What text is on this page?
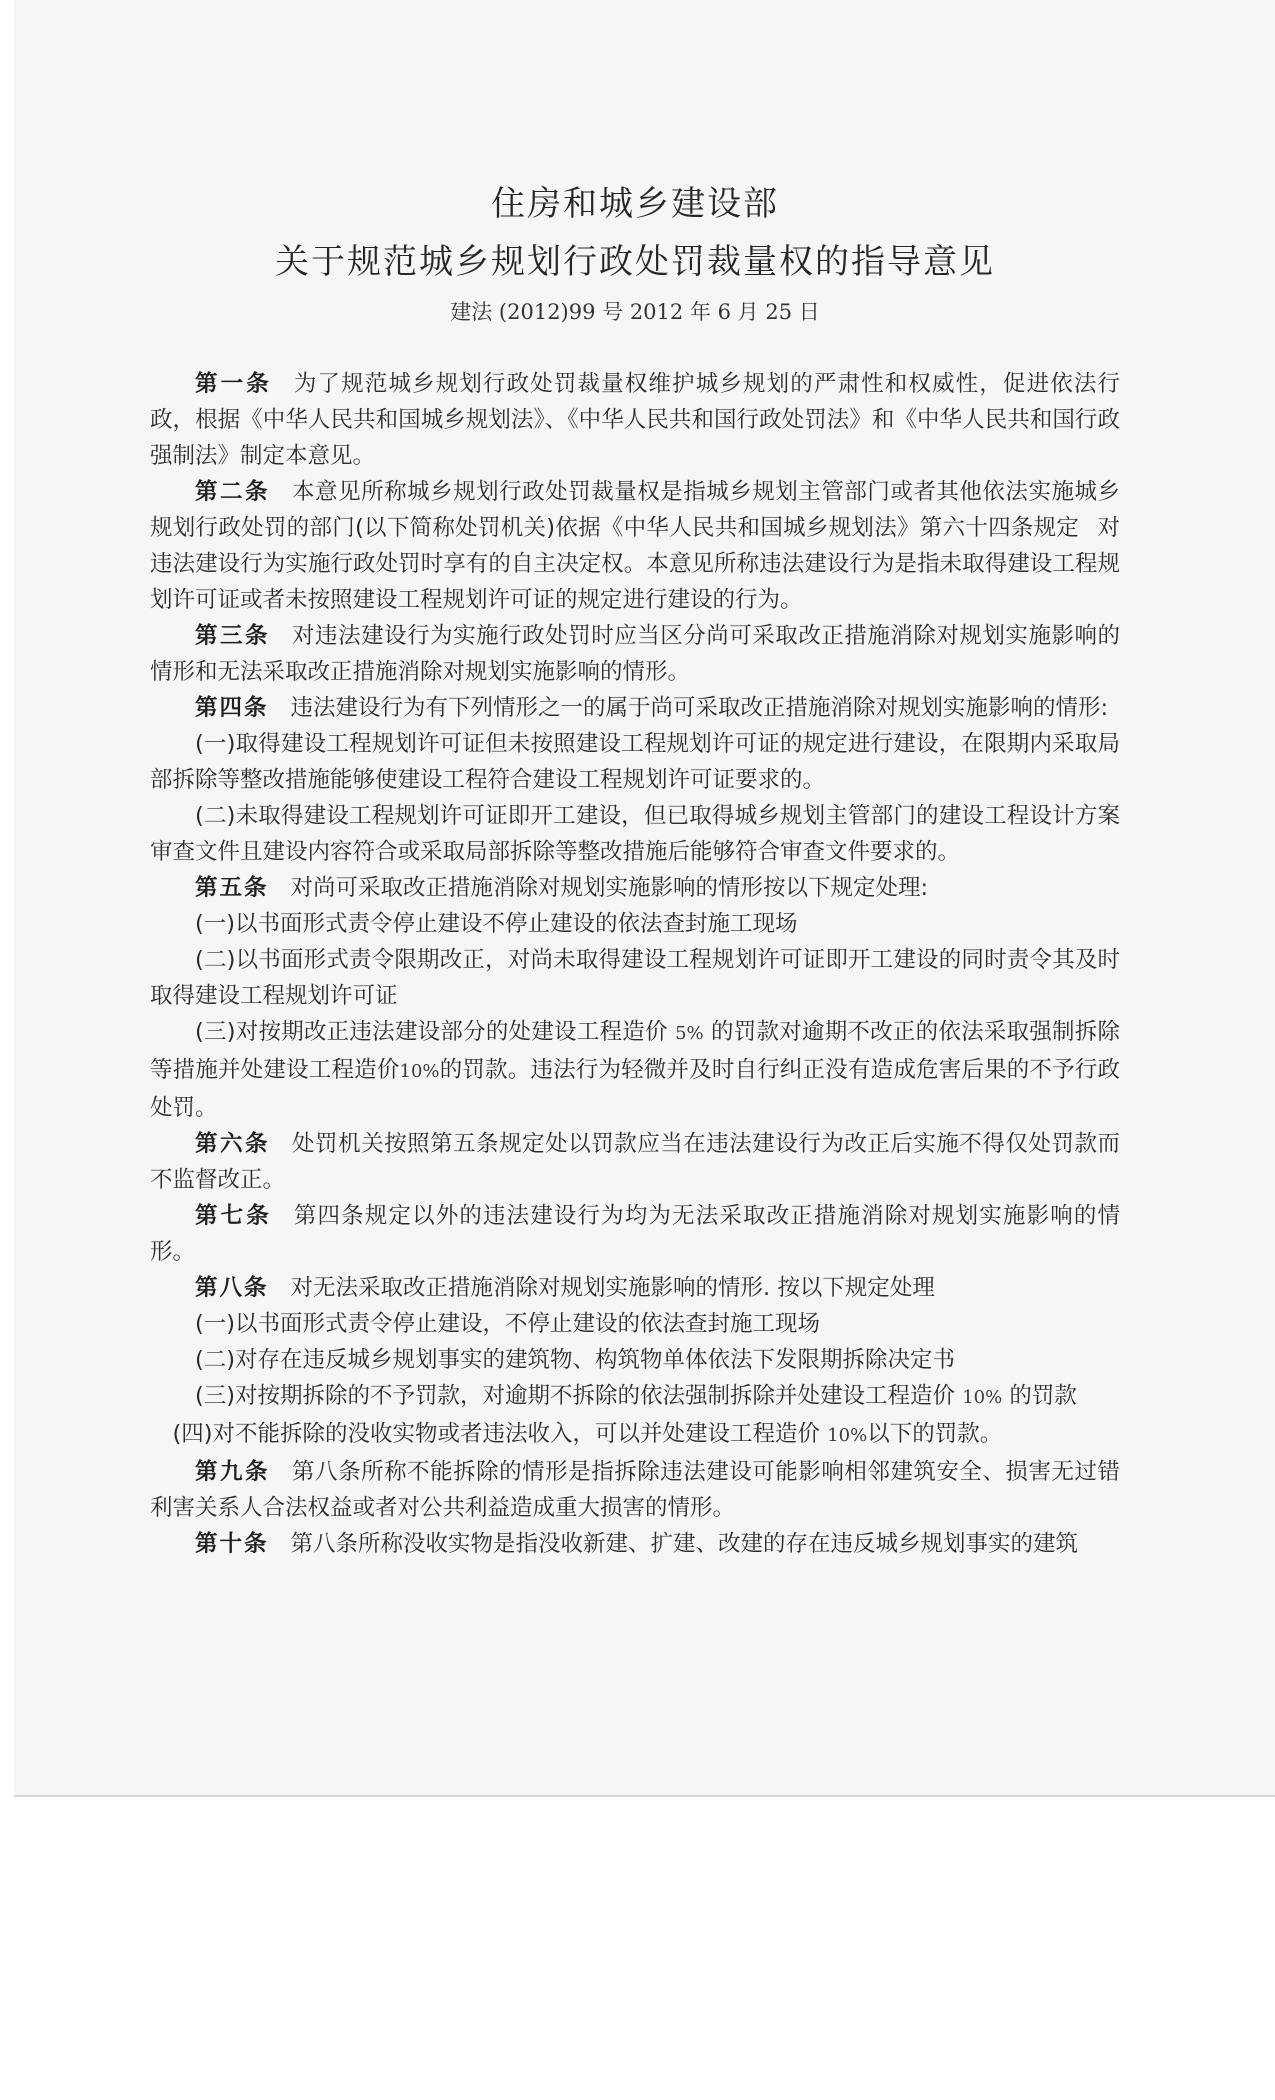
住房和城乡建设部
关于规范城乡规划行政处罚裁量权的指导意见

建法 (2012)99 号 2012 年 6 月 25 日

第一条 为了规范城乡规划行政处罚裁量权维护城乡规划的严肃性和权威性，促进依法行政，根据《中华人民共和国城乡规划法》、《中华人民共和国行政处罚法》和《中华人民共和国行政强制法》制定本意见。

第二条 本意见所称城乡规划行政处罚裁量权是指城乡规划主管部门或者其他依法实施城乡规划行政处罚的部门(以下简称处罚机关)依据《中华人民共和国城乡规划法》第六十四条规定 对违法建设行为实施行政处罚时享有的自主决定权。本意见所称违法建设行为是指未取得建设工程规划许可证或者未按照建设工程规划许可证的规定进行建设的行为。

第三条 对违法建设行为实施行政处罚时应当区分尚可采取改正措施消除对规划实施影响的情形和无法采取改正措施消除对规划实施影响的情形。

第四条 违法建设行为有下列情形之一的属于尚可采取改正措施消除对规划实施影响的情形:

(一)取得建设工程规划许可证但未按照建设工程规划许可证的规定进行建设，在限期内采取局部拆除等整改措施能够使建设工程符合建设工程规划许可证要求的。

(二)未取得建设工程规划许可证即开工建设，但已取得城乡规划主管部门的建设工程设计方案审查文件且建设内容符合或采取局部拆除等整改措施后能够符合审查文件要求的。

第五条 对尚可采取改正措施消除对规划实施影响的情形按以下规定处理:

(一)以书面形式责令停止建设不停止建设的依法查封施工现场

(二)以书面形式责令限期改正，对尚未取得建设工程规划许可证即开工建设的同时责令其及时取得建设工程规划许可证

(三)对按期改正违法建设部分的处建设工程造价 5% 的罚款对逾期不改正的依法采取强制拆除等措施并处建设工程造价10%的罚款。违法行为轻微并及时自行纠正没有造成危害后果的不予行政处罚。

第六条 处罚机关按照第五条规定处以罚款应当在违法建设行为改正后实施不得仅处罚款而不监督改正。

第七条 第四条规定以外的违法建设行为均为无法采取改正措施消除对规划实施影响的情形。

第八条 对无法采取改正措施消除对规划实施影响的情形. 按以下规定处理

(一)以书面形式责令停止建设，不停止建设的依法查封施工现场

(二)对存在违反城乡规划事实的建筑物、构筑物单体依法下发限期拆除决定书

(三)对按期拆除的不予罚款，对逾期不拆除的依法强制拆除并处建设工程造价 10% 的罚款

(四)对不能拆除的没收实物或者违法收入，可以并处建设工程造价 10%以下的罚款。

第九条 第八条所称不能拆除的情形是指拆除违法建设可能影响相邻建筑安全、损害无过错利害关系人合法权益或者对公共利益造成重大损害的情形。

第十条 第八条所称没收实物是指没收新建、扩建、改建的存在违反城乡规划事实的建筑
